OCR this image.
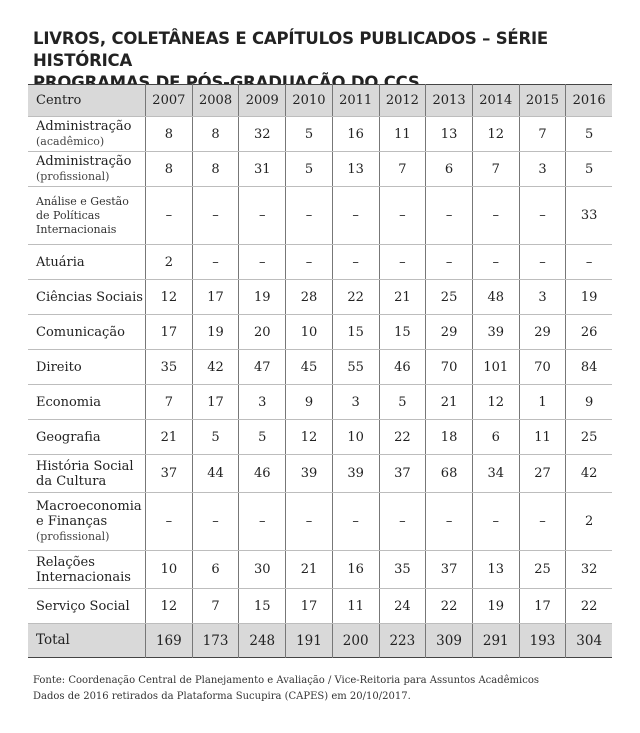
LIVROS, COLETÂNEAS E CAPÍTULOS PUBLICADOS – SÉRIE HISTÓRICA
PROGRAMAS DE PÓS-GRADUAÇÃO DO CCS
Centro	2007	2008	2009	2010	2011	2012	2013	2014	2015	2016

Administração
(acadêmico)	8	8	32	5	16	11	13	12	7	5

Administração
(profissional)	8	8	31	5	13	7	6	7	3	5

Análise e Gestão
de Políticas
Internacionais	–	–	–	–	–	–	–	–	–	33

Atuária	2	–	–	–	–	–	–	–	–	–

Ciências Sociais	12	17	19	28	22	21	25	48	3	19

Comunicação	17	19	20	10	15	15	29	39	29	26

Direito	35	42	47	45	55	46	70	101	70	84

Economia	7	17	3	9	3	5	21	12	1	9

Geografia	21	5	5	12	10	22	18	6	11	25

História Social
da Cultura	37	44	46	39	39	37	68	34	27	42

Macroeconomia
e Finanças
(profissional)	–	–	–	–	–	–	–	–	–	2

Relações
Internacionais	10	6	30	21	16	35	37	13	25	32

Serviço Social	12	7	15	17	11	24	22	19	17	22
Total	169	173	248	191	200	223	309	291	193	304
Fonte: Coordenação Central de Planejamento e Avaliação / Vice-Reitoria para Assuntos Acadêmicos
Dados de 2016 retirados da Plataforma Sucupira (CAPES) em 20/10/2017.
